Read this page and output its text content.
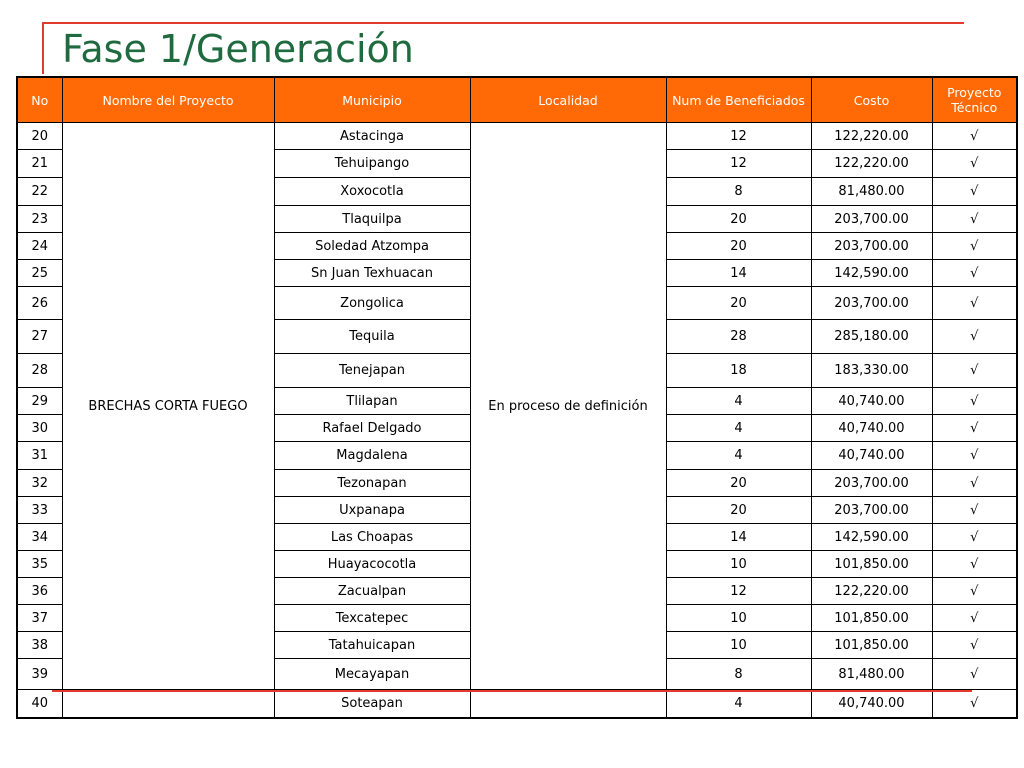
Fase 1/Generación
No	Nombre del Proyecto	Municipio	Localidad	Num de Beneficiados	Costo	Proyecto Técnico
20	BRECHAS CORTA FUEGO	Astacinga	En proceso de definición	12	122,220.00	√
21		Tehuipango		12	122,220.00	√
22		Xoxocotla		8	81,480.00	√
23		Tlaquilpa		20	203,700.00	√
24		Soledad Atzompa		20	203,700.00	√
25		Sn Juan Texhuacan		14	142,590.00	√
26		Zongolica		20	203,700.00	√
27		Tequila		28	285,180.00	√
28		Tenejapan		18	183,330.00	√
29		Tlilapan		4	40,740.00	√
30		Rafael Delgado		4	40,740.00	√
31		Magdalena		4	40,740.00	√
32		Tezonapan		20	203,700.00	√
33		Uxpanapa		20	203,700.00	√
34		Las Choapas		14	142,590.00	√
35		Huayacocotla		10	101,850.00	√
36		Zacualpan		12	122,220.00	√
37		Texcatepec		10	101,850.00	√
38		Tatahuicapan		10	101,850.00	√
39		Mecayapan		8	81,480.00	√
40		Soteapan		4	40,740.00	√
